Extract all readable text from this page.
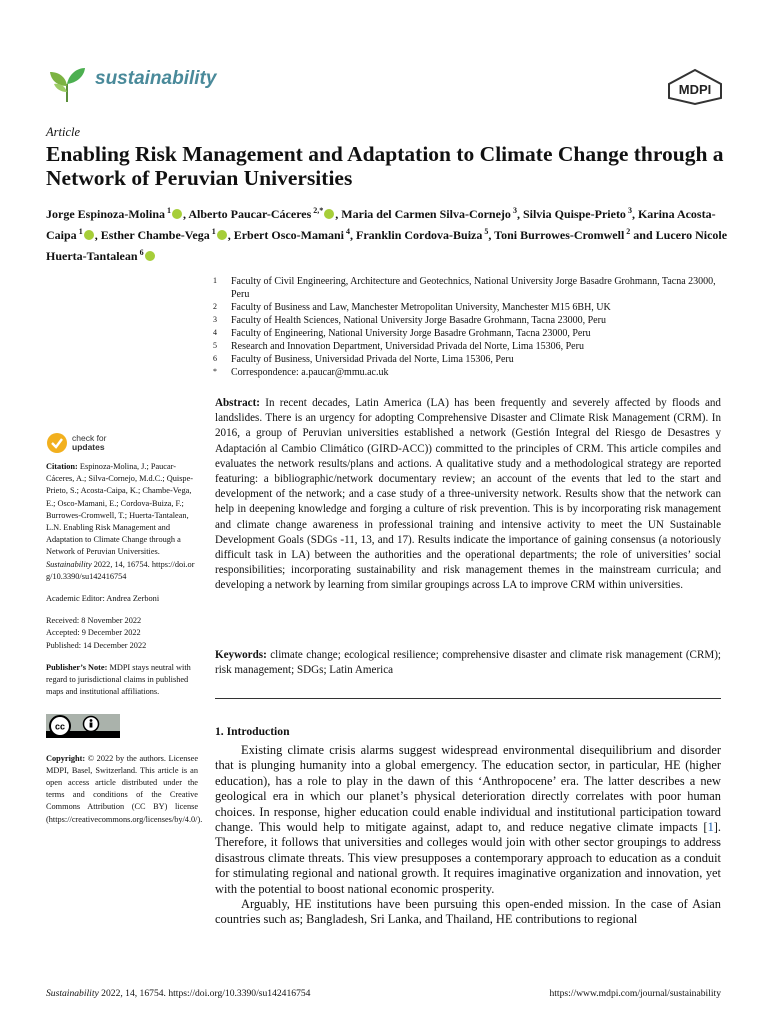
sustainability
MDPI
Article
Enabling Risk Management and Adaptation to Climate Change through a Network of Peruvian Universities
Jorge Espinoza-Molina $^1$ , Alberto Paucar-Cáceres $^{2,*}$ , Maria del Carmen Silva-Cornejo $^3$, Silvia Quispe-Prieto $^3$, Karina Acosta-Caipa $^1$ , Esther Chambe-Vega $^1$ , Erbert Osco-Mamani $^4$, Franklin Cordova-Buiza $^5$, Toni Burrowes-Cromwell $^2$ and Lucero Nicole Huerta-Tantalean $^6$
1	Faculty of Civil Engineering, Architecture and Geotechnics, National University Jorge Basadre Grohmann, Tacna 23000, Peru
2	Faculty of Business and Law, Manchester Metropolitan University, Manchester M15 6BH, UK
3	Faculty of Health Sciences, National University Jorge Basadre Grohmann, Tacna 23000, Peru
4	Faculty of Engineering, National University Jorge Basadre Grohmann, Tacna 23000, Peru
5	Research and Innovation Department, Universidad Privada del Norte, Lima 15306, Peru
6	Faculty of Business, Universidad Privada del Norte, Lima 15306, Peru
*	Correspondence: a.paucar@mmu.ac.uk
check for
updates

Citation: Espinoza-Molina, J.; Paucar-Cáceres, A.; Silva-Cornejo, M.d.C.; Quispe-Prieto, S.; Acosta-Caipa, K.; Chambe-Vega, E.; Osco-Mamani, E.; Cordova-Buiza, F.; Burrowes-Cromwell, T.; Huerta-Tantalean, L.N. Enabling Risk Management and Adaptation to Climate Change through a Network of Peruvian Universities. Sustainability 2022, 14, 16754. https://doi.org/10.3390/su142416754

Academic Editor: Andrea Zerboni

Received: 8 November 2022
Accepted: 9 December 2022
Published: 14 December 2022

Publisher’s Note: MDPI stays neutral with regard to jurisdictional claims in published maps and institutional affiliations.

cc

Copyright: © 2022 by the authors. Licensee MDPI, Basel, Switzerland. This article is an open access article distributed under the terms and conditions of the Creative Commons Attribution (CC BY) license (https://creativecommons.org/licenses/by/4.0/).

Abstract: In recent decades, Latin America (LA) has been frequently and severely affected by floods and landslides. There is an urgency for adopting Comprehensive Disaster and Climate Risk Management (CRM). In 2016, a group of Peruvian universities established a network (Gestión Integral del Riesgo de Desastres y Adaptación al Cambio Climático (GIRD-ACC)) committed to the principles of CRM. This article compiles and evaluates the network results/plans and actions. A qualitative study and a methodological strategy are reported featuring: a bibliographic/network documentary review; an account of the events that led to the start and development of the network; and a case study of a three-university network. Results show that the network can help in deepening knowledge and forging a culture of risk prevention. This is by incorporating risk management and climate change awareness in professional training and intensive activity to meet the UN Sustainable Development Goals (SDGs -11, 13, and 17). Results indicate the importance of gaining consensus (a notoriously difficult task in LA) between the authorities and the operational departments; the role of universities’ social responsibilities; incorporating sustainability and risk management themes in the mainstream curricula; and developing a network by learning from similar groupings across LA to improve CRM within universities.
Keywords: climate change; ecological resilience; comprehensive disaster and climate risk management (CRM); risk management; SDGs; Latin America
1. Introduction

Existing climate crisis alarms suggest widespread environmental disequilibrium and disorder that is plunging humanity into a global emergency. The education sector, in particular, HE (higher education), has a role to play in the dawn of this ‘Anthropocene’ era. The latter describes a new geological era in which our planet’s physical deterioration directly correlates with poor human choices. In response, higher education could enable individual and institutional participation toward change. This would help to mitigate against, adapt to, and reduce negative climate impacts [1]. Therefore, it follows that universities and colleges would join with other sector groupings to address disastrous climate threats. This view presupposes a contemporary approach to education as a conduit for stimulating regional and national growth. It requires imaginative organization and innovation, yet with the potential to boost national economic prosperity.

Arguably, HE institutions have been pursuing this open-ended mission. In the case of Asian countries such as; Bangladesh, Sri Lanka, and Thailand, HE contributions to regional

Sustainability 2022, 14, 16754. https://doi.org/10.3390/su142416754	https://www.mdpi.com/journal/sustainability
